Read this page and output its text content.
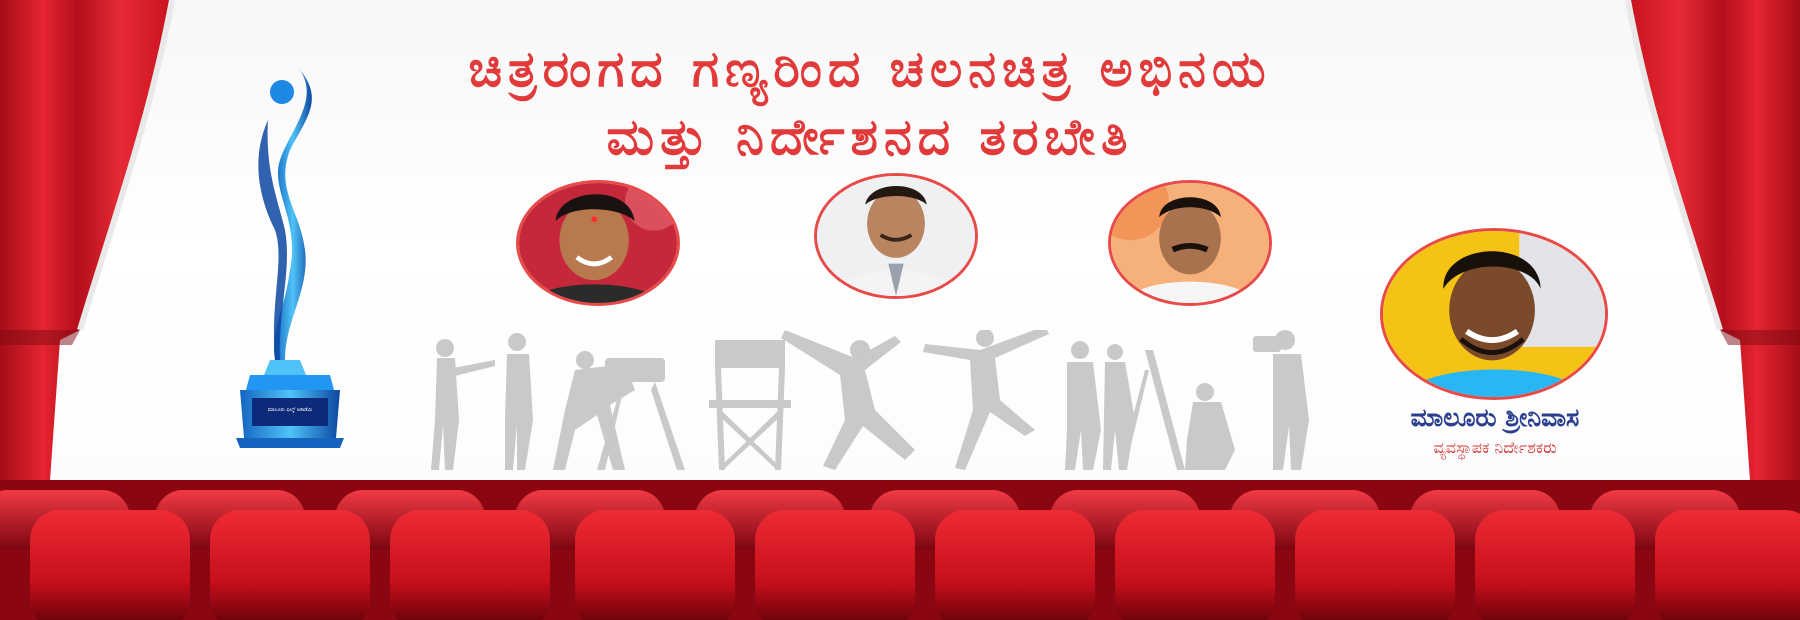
ಚಿತ್ರರಂಗದ ಗಣ್ಯರಿಂದ ಚಲನಚಿತ್ರ ಅಭಿನಯ
ಮತ್ತು ನಿರ್ದೇಶನದ ತರಬೇತಿ
ಮಾಲೂರು ಫಿಲ್ಮ್ ಅಕಾಡೆಮಿ	ಮಾಲೂರು ಶ್ರೀನಿವಾಸ
ವ್ಯವಸ್ಥಾಪಕ ನಿರ್ದೇಶಕರು
